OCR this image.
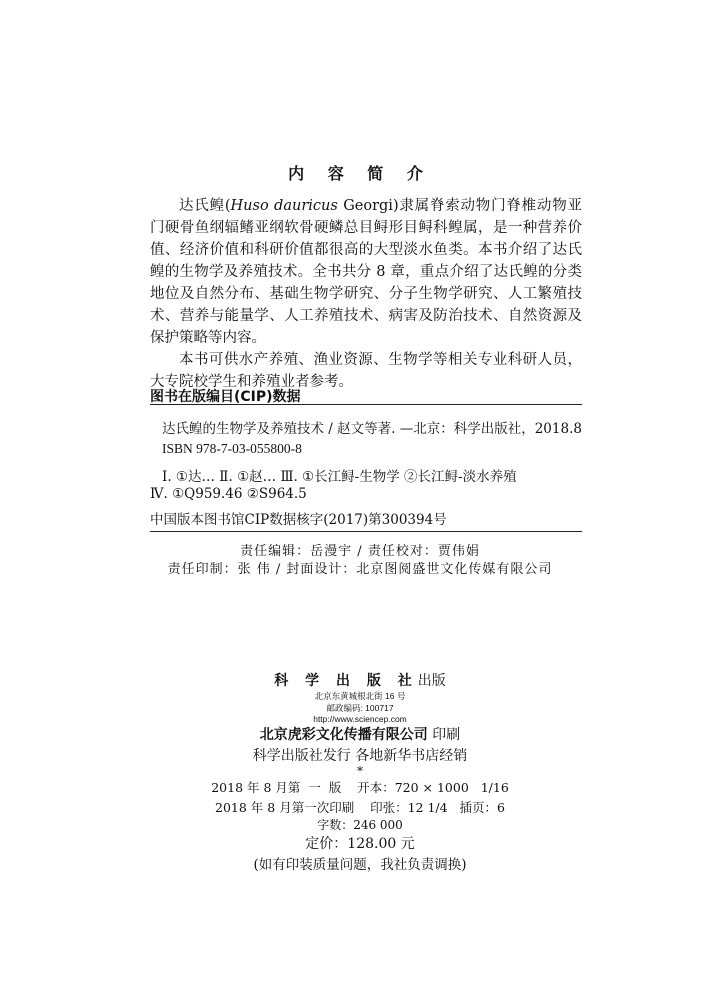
内 容 简 介

达氏鳇(Huso dauricus Georgi)隶属脊索动物门脊椎动物亚门硬骨鱼纲辐鳍亚纲软骨硬鳞总目鲟形目鲟科鳇属，是一种营养价值、经济价值和科研价值都很高的大型淡水鱼类。本书介绍了达氏鳇的生物学及养殖技术。全书共分 8 章，重点介绍了达氏鳇的分类地位及自然分布、基础生物学研究、分子生物学研究、人工繁殖技术、营养与能量学、人工养殖技术、病害及防治技术、自然资源及保护策略等内容。

本书可供水产养殖、渔业资源、生物学等相关专业科研人员，大专院校学生和养殖业者参考。

图书在版编目(CIP)数据
达氏鳇的生物学及养殖技术 / 赵文等著. —北京：科学出版社，2018.8
ISBN 978-7-03-055800-8
Ⅰ. ①达… Ⅱ. ①赵… Ⅲ. ①长江鲟-生物学 ②长江鲟-淡水养殖
Ⅳ. ①Q959.46 ②S964.5
中国版本图书馆CIP数据核字(2017)第300394号
责任编辑：岳漫宇 / 责任校对：贾伟娟
责任印制：张 伟 / 封面设计：北京图阅盛世文化传媒有限公司
科 学 出 版 社出版
北京东黄城根北街 16 号
邮政编码: 100717
http://www.sciencep.com
北京虎彩文化传播有限公司 印刷
科学出版社发行 各地新华书店经销
*
2018 年 8 月第  一  版    开本：720 × 1000   1/16
2018 年 8 月第一次印刷    印张：12 1/4   插页：6
字数：246 000
定价：128.00 元
(如有印装质量问题，我社负责调换)
